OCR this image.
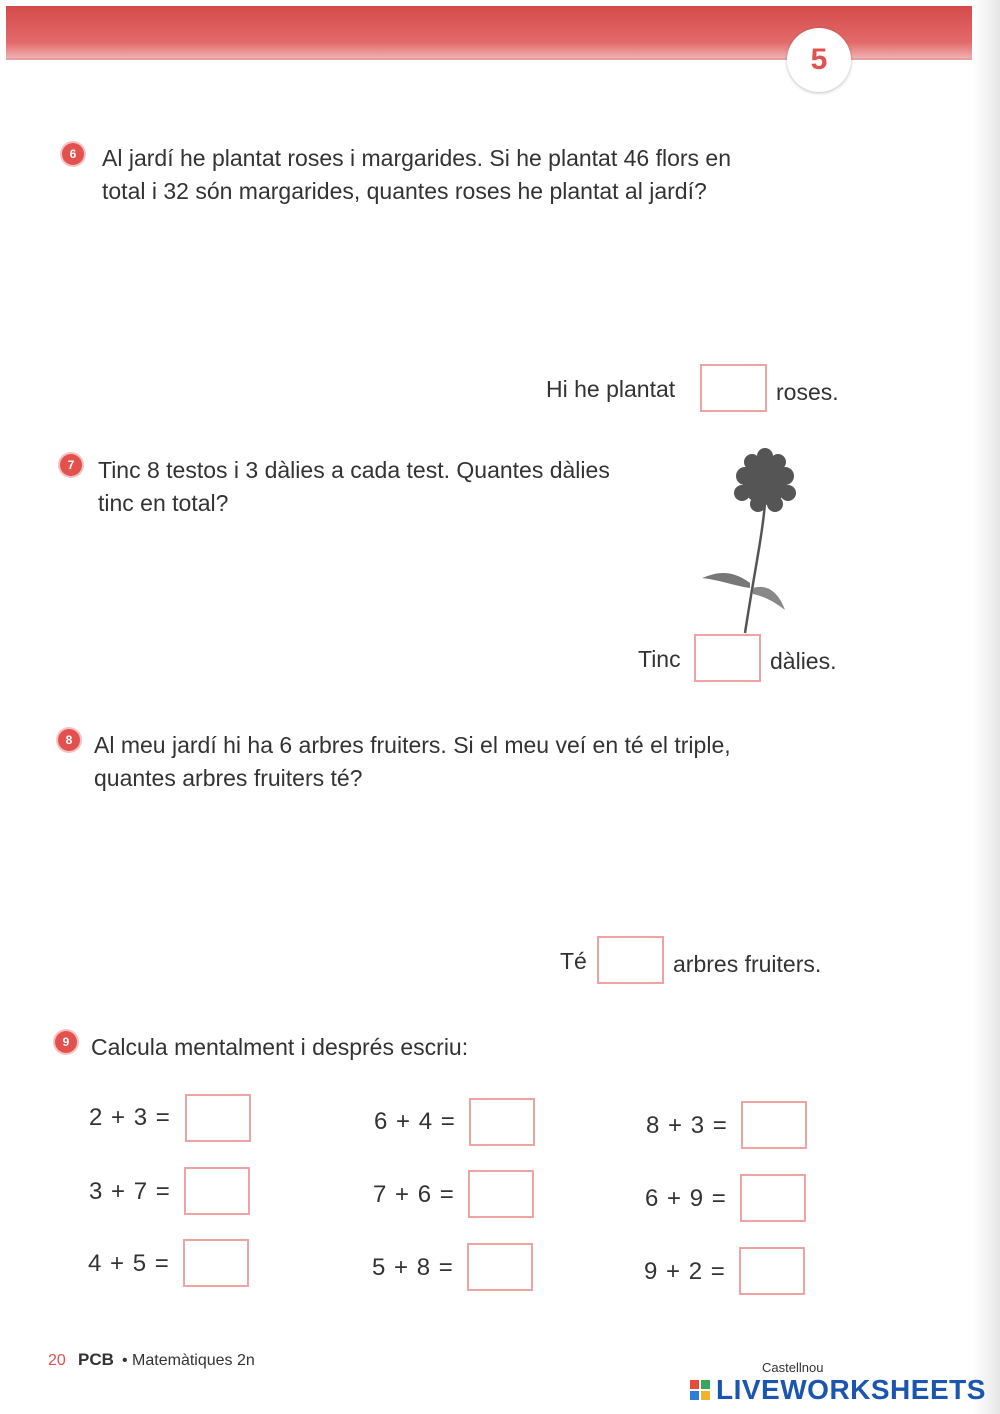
5
6	Al jardí he plantat roses i margarides. Si he plantat 46 flors en
total i 32 són margarides, quantes roses he plantat al jardí?
Hi he plantat	roses.
7	Tinc 8 testos i 3 dàlies a cada test. Quantes dàlies
tinc en total?
Tinc	dàlies.
8 Al meu jardí hi ha 6 arbres fruiters. Si el meu veí en té el triple,
quantes arbres fruiters té?
Té	arbres fruiters.
9 Calcula mentalment i després escriu:
2 + 3 =	6 + 4 =	8 + 3 =
3 + 7 =	7 + 6 =	6 + 9 =
4 + 5 =	5 + 8 =	9 + 2 =
20 PCB • Matemàtiques 2n	Castellnou
LIVEWORKSHEETS
